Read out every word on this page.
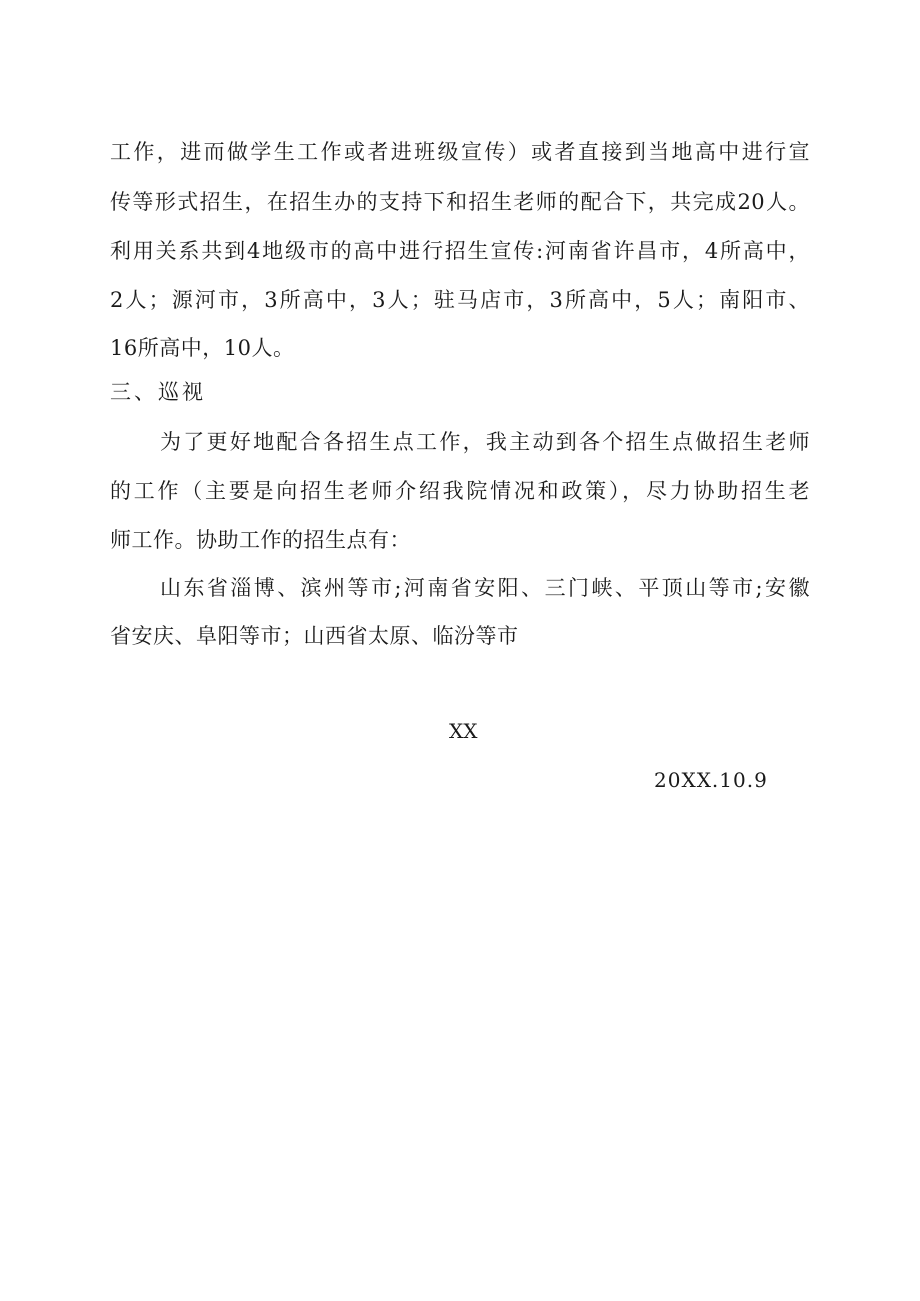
工作，进而做学生工作或者进班级宣传）或者直接到当地高中进行宣
传等形式招生，在招生办的支持下和招生老师的配合下，共完成20人。
利用关系共到4地级市的高中进行招生宣传:河南省许昌市，4所高中，
2人；源河市，3所高中，3人；驻马店市，3所高中，5人；南阳市、
16所高中，10人。
三、巡视
为了更好地配合各招生点工作，我主动到各个招生点做招生老师
的工作（主要是向招生老师介绍我院情况和政策），尽力协助招生老
师工作。协助工作的招生点有：
山东省淄博、滨州等市;河南省安阳、三门峡、平顶山等市;安徽
省安庆、阜阳等市；山西省太原、临汾等市
XX
20XX.10.9
